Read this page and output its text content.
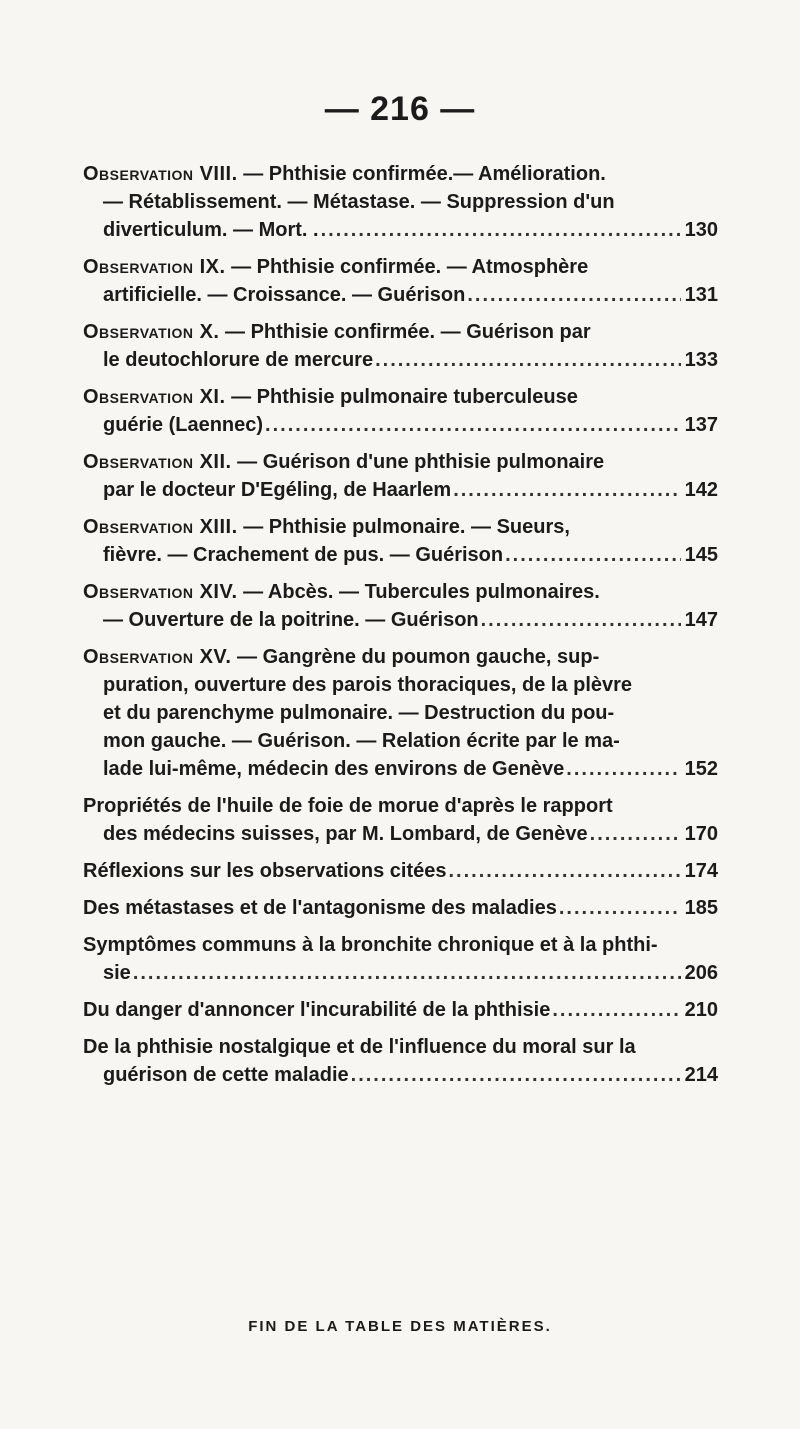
— 216 —
Observation VIII. — Phthisie confirmée.— Amélioration.
— Rétablissement. — Métastase. — Suppression d'un
diverticulum. — Mort. . .....	130
Observation IX. — Phthisie confirmée. — Atmosphère
artificielle. — Croissance. — Guérison .....	131
Observation X. — Phthisie confirmée. — Guérison par
le deutochlorure de mercure .....	133
Observation XI. — Phthisie pulmonaire tuberculeuse
guérie (Laennec) .....	137
Observation XII. — Guérison d'une phthisie pulmonaire
par le docteur D'Egéling, de Haarlem .....	142
Observation XIII. — Phthisie pulmonaire. — Sueurs,
fièvre. — Crachement de pus. — Guérison .....	145
Observation XIV. — Abcès. — Tubercules pulmonaires.
— Ouverture de la poitrine. — Guérison .....	147
Observation XV. — Gangrène du poumon gauche, sup-
puration, ouverture des parois thoraciques, de la plèvre
et du parenchyme pulmonaire. — Destruction du pou-
mon gauche. — Guérison. — Relation écrite par le ma-
lade lui-même, médecin des environs de Genève .....	152
Propriétés de l'huile de foie de morue d'après le rapport
des médecins suisses, par M. Lombard, de Genève .....	170
Réflexions sur les observations citées .....	174
Des métastases et de l'antagonisme des maladies .....	185
Symptômes communs à la bronchite chronique et à la phthi-
sie .....	206
Du danger d'annoncer l'incurabilité de la phthisie .....	210
De la phthisie nostalgique et de l'influence du moral sur la
guérison de cette maladie .....	214
FIN DE LA TABLE DES MATIÈRES.
